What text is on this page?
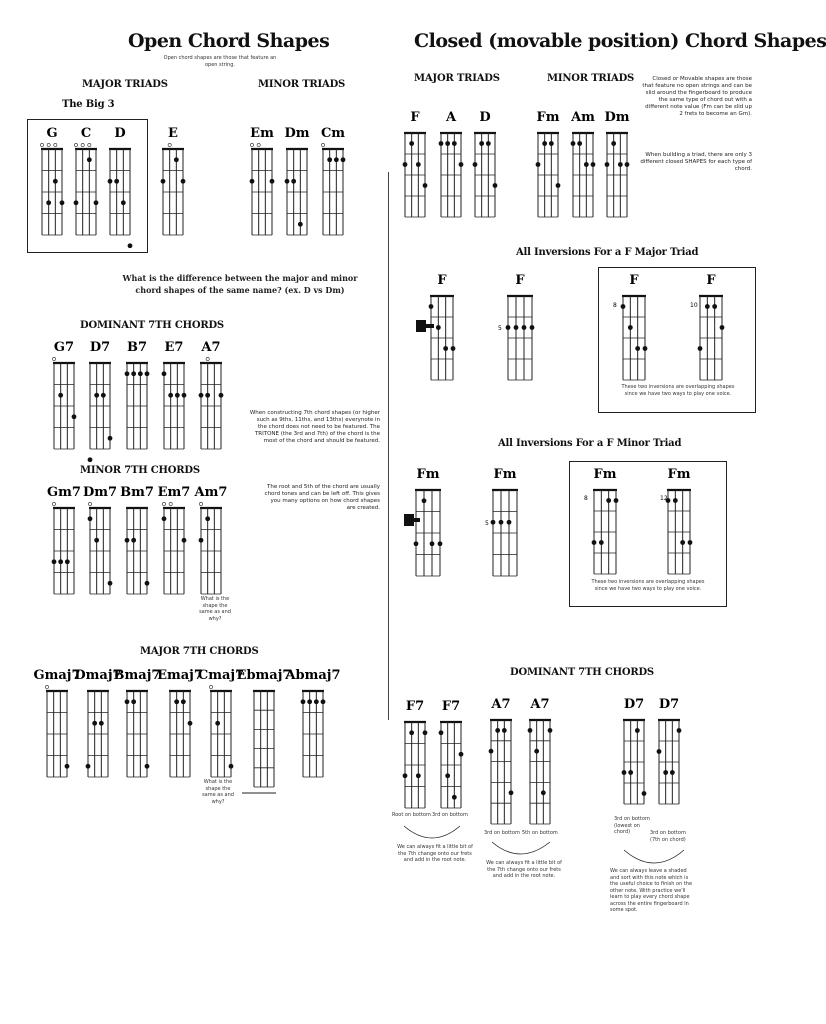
Open Chord Shapes
Open chord shapes are those that feature an open string.
MAJOR TRIADS	MINOR TRIADS
The Big 3
What is the difference between the major and minor chord shapes of the same name? (ex. D vs Dm)
DOMINANT 7TH CHORDS
MINOR 7TH CHORDS
What is the shape the same as and why?
When constructing 7th chord shapes (or higher such as 9ths, 11ths, and 13ths) everynote in the chord does not need to be featured. The TRITONE (the 3rd and 7th) of the chord is the most of the chord and should be featured.
The root and 5th of the chord are usually chord tones and can be left off. This gives you many options on how chord shapes are created.
MAJOR 7TH CHORDS
What is the shape the same as and why?
Closed (movable position) Chord Shapes
MAJOR TRIADS	MINOR TRIADS	Closed or Movable shapes are those that feature no open strings and can be slid around the fingerboard to produce the same type of chord out with a different note value (Fm can be slid up 2 frets to become an Gm).
When building a triad, there are only 3 different closed SHAPES for each type of chord.
All Inversions For a F Major Triad
These two inversions are overlapping shapes since we have two ways to play one voice.
All Inversions For a F Minor Triad
These two inversions are overlapping shapes since we have two ways to play one voice.
DOMINANT 7TH CHORDS
Root on bottom 3rd on bottom
3rd on bottom 5th on bottom
3rd on bottom (lowest on chord)	3rd on bottom (7th on chord)
We can always fit a little bit of the 7th change onto our frets and add in the root note.	We can always fit a little bit of the 7th change onto our frets and add in the root note.
We can always leave a shaded and sort with this note which is the useful choice to finish on the other note. With practice we'll learn to play every chord shape across the entire fingerboard in some spot.
G C D	E	Em Dm Cm
G7 D7 B7 E7 A7
Gm7 Dm7 Bm7 Em7 Am7
Gmaj7
Dmaj7
Bmaj7
Emaj7
Cmaj7
Ebmaj7
Abmaj7
F A D	Fm Am Dm
F	F	F	F
5
8	10
Fm	Fm	Fm	Fm
5
8	12
F7 F7 A7 A7	D7 D7
